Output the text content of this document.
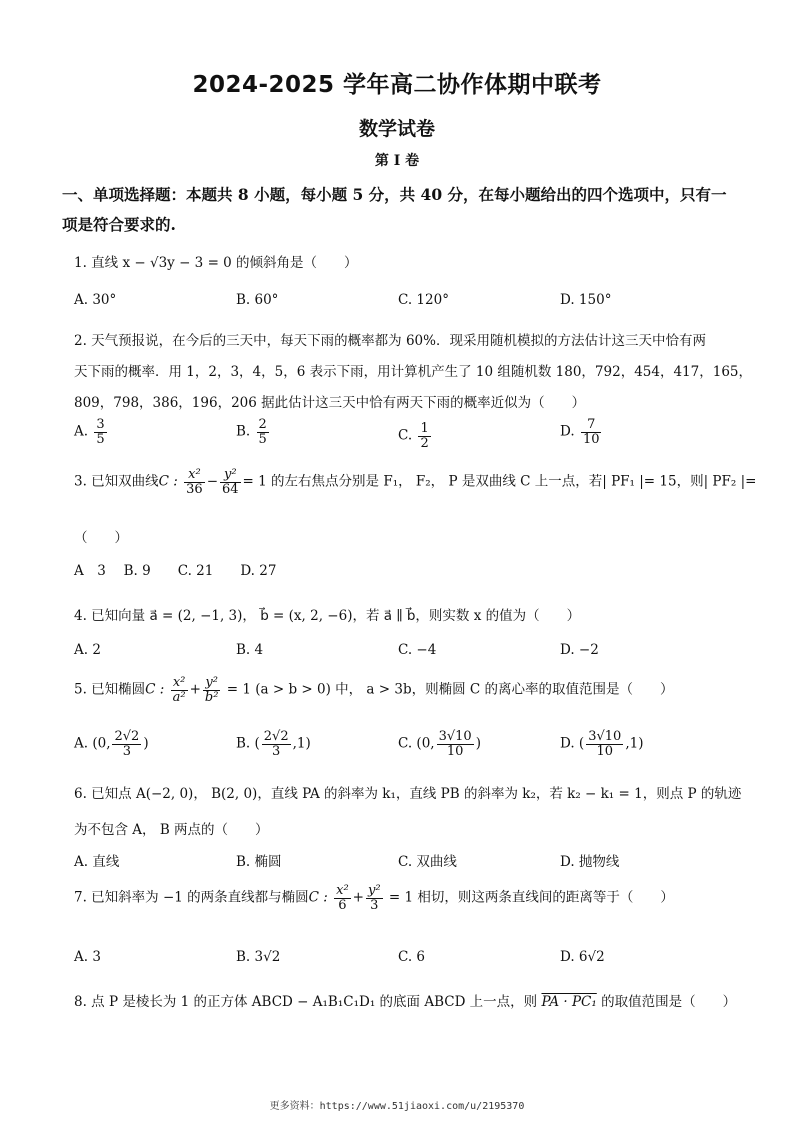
2024-2025 学年高二协作体期中联考
数学试卷
第 I 卷
一、单项选择题：本题共 8 小题，每小题 5 分，共 40 分，在每小题给出的四个选项中，只有一
项是符合要求的.
1. 直线 x − √3y − 3 = 0 的倾斜角是（　　）
A. 30°	B. 60°	C. 120°	D. 150°
2. 天气预报说，在今后的三天中，每天下雨的概率都为 60%．现采用随机模拟的方法估计这三天中恰有两
天下雨的概率．用 1，2，3，4，5，6 表示下雨，用计算机产生了 10 组随机数 180，792，454，417，165，
809，798，386，196，206 据此估计这三天中恰有两天下雨的概率近似为（　　）
A. $\frac{3}{5}$	B. $\frac{2}{5}$	C. $\frac{1}{2}$	D. $\frac{7}{10}$
3. 已知双曲线C : $\frac{\text{x²}}{36} - \frac{\text{y²}}{64} = 1$ 的左右焦点分别是 F₁， F₂， P 是双曲线 C 上一点，若| PF₁ |= 15，则| PF₂ |=
（　　）
A　3　 B. 9　　C. 21　　D. 27
4. 已知向量 a⃗ = (2, −1, 3)， b⃗ = (x, 2, −6)，若 a⃗ ∥ b⃗，则实数 x 的值为（　　）
A. 2	B. 4	C. −4	D. −2
5. 已知椭圆C : $\frac{\text{x²}}{\text{a²}} + \frac{\text{y²}}{\text{b²}} = 1$ (a > b > 0) 中， a > 3b，则椭圆 C 的离心率的取值范围是（　　）
A. (0, $\frac{2√2}{3}$ )	B. ( $\frac{2√2}{3} ,1$)	C. (0, $\frac{3√10}{10}$ )	D. ( $\frac{3√10}{10} ,1$)
6. 已知点 A(−2, 0)， B(2, 0)，直线 PA 的斜率为 k₁，直线 PB 的斜率为 k₂，若 k₂ − k₁ = 1，则点 P 的轨迹
为不包含 A， B 两点的（　　）
A. 直线	B. 椭圆	C. 双曲线	D. 抛物线
7. 已知斜率为 −1 的两条直线都与椭圆C : $\frac{\text{x²}}{6} + \frac{\text{y²}}{3} = 1$ 相切，则这两条直线间的距离等于（　　）
A. 3	B. 3√2	C. 6	D. 6√2
8. 点 P 是棱长为 1 的正方体 ABCD − A₁B₁C₁D₁ 的底面 ABCD 上一点，则 PA · PC₁ 的取值范围是（　　）
更多资料：https://www.51jiaoxi.com/u/2195370
